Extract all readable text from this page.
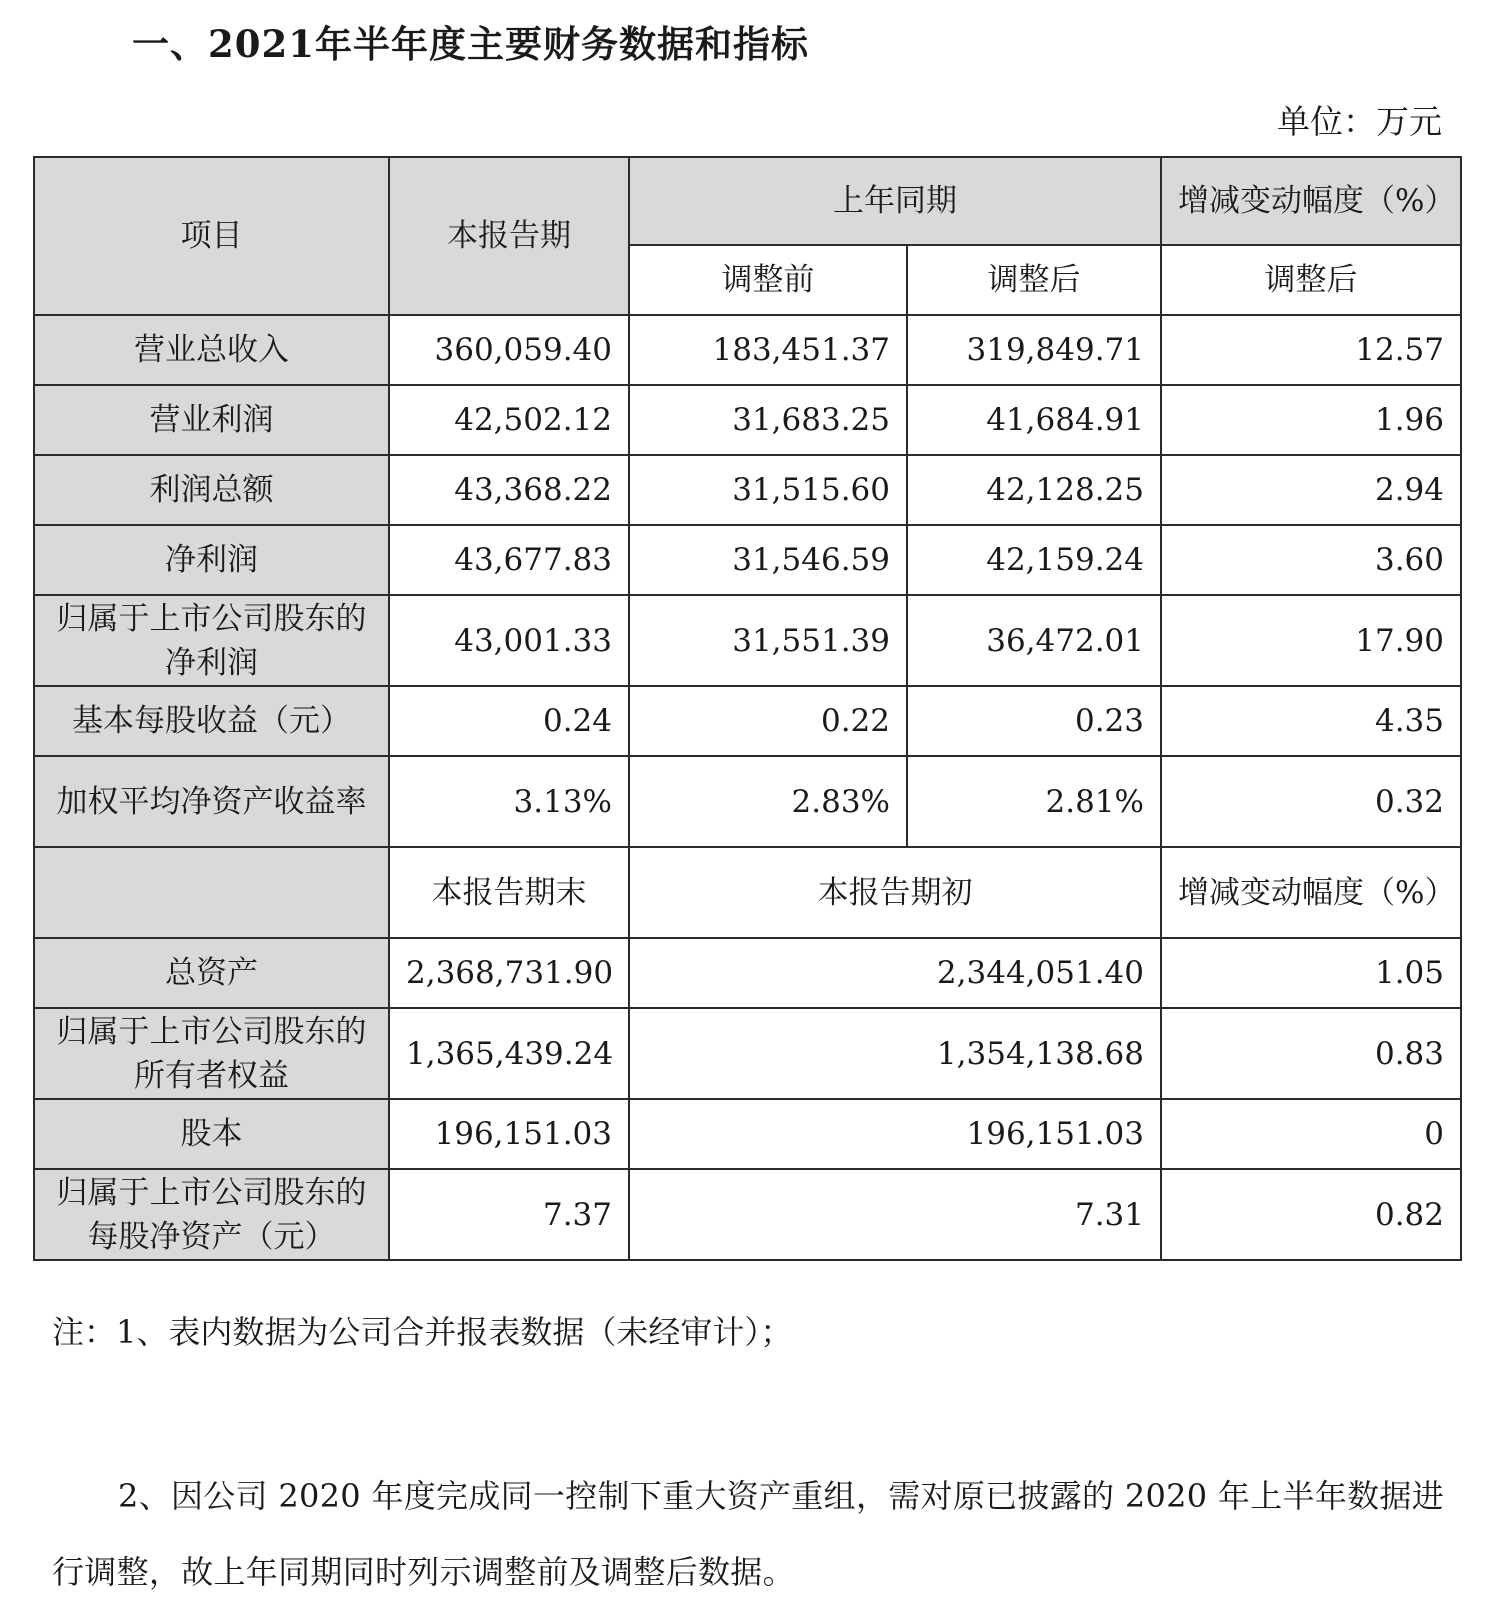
一、2021年半年度主要财务数据和指标
单位：万元
项目	本报告期	上年同期		增减变动幅度（%）
		调整前	调整后	调整后
营业总收入	360,059.40	183,451.37	319,849.71	12.57
营业利润	42,502.12	31,683.25	41,684.91	1.96
利润总额	43,368.22	31,515.60	42,128.25	2.94
净利润	43,677.83	31,546.59	42,159.24	3.60
归属于上市公司股东的净利润	43,001.33	31,551.39	36,472.01	17.90
基本每股收益（元）	0.24	0.22	0.23	4.35
加权平均净资产收益率	3.13%	2.83%	2.81%	0.32
	本报告期末	本报告期初		增减变动幅度（%）
总资产	2,368,731.90	2,344,051.40		1.05
归属于上市公司股东的所有者权益	1,365,439.24	1,354,138.68		0.83
股本	196,151.03	196,151.03		0
归属于上市公司股东的每股净资产（元）	7.37	7.31		0.82
注：1、表内数据为公司合并报表数据（未经审计）；
2、因公司 2020 年度完成同一控制下重大资产重组，需对原已披露的 2020 年上半年数据进行调整，故上年同期同时列示调整前及调整后数据。
